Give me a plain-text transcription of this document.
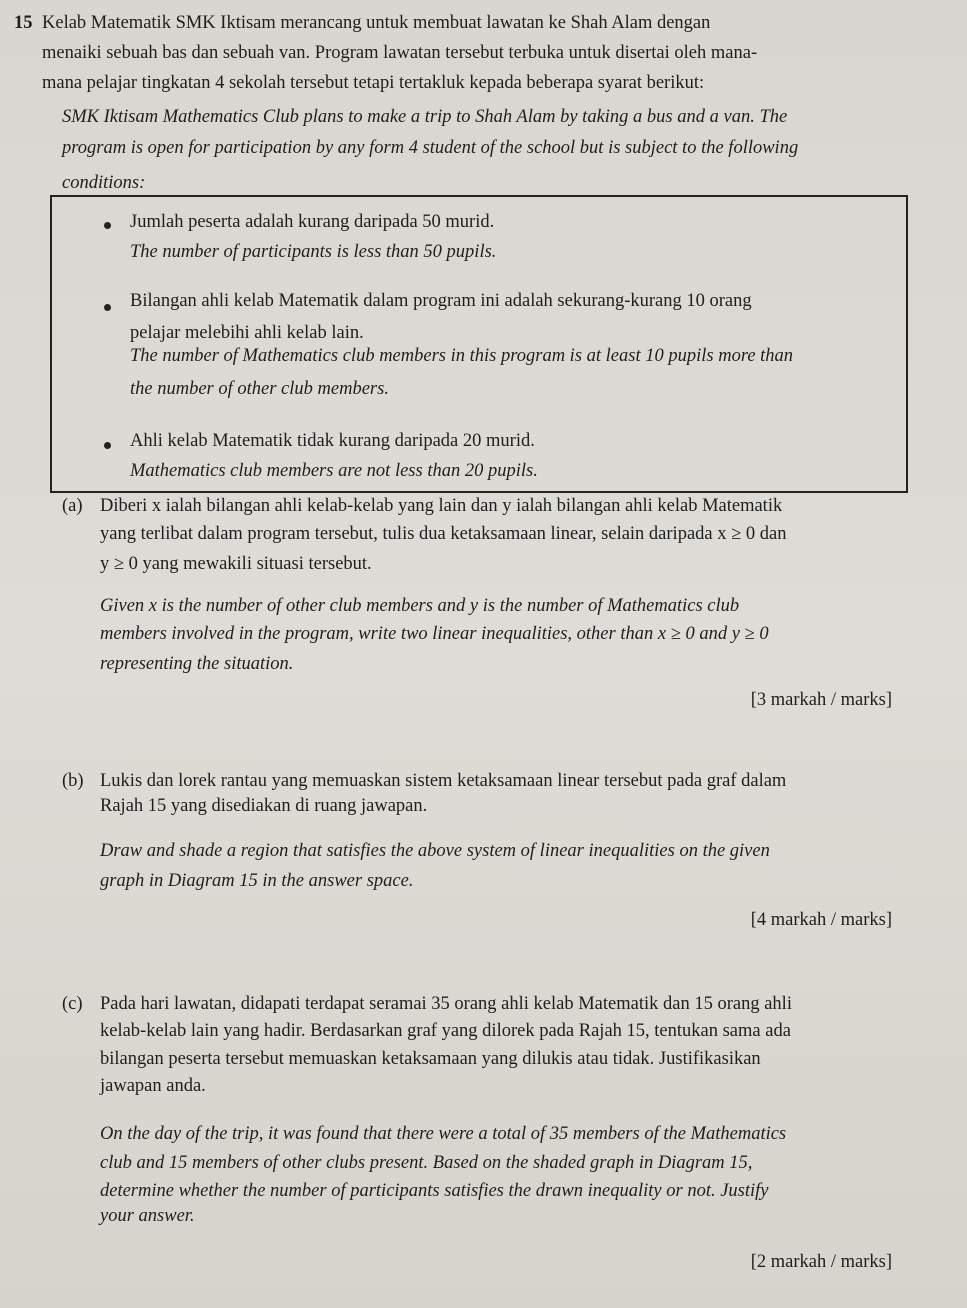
15 Kelab Matematik SMK Iktisam merancang untuk membuat lawatan ke Shah Alam dengan
menaiki sebuah bas dan sebuah van. Program lawatan tersebut terbuka untuk disertai oleh mana-
mana pelajar tingkatan 4 sekolah tersebut tetapi tertakluk kepada beberapa syarat berikut:
SMK Iktisam Mathematics Club plans to make a trip to Shah Alam by taking a bus and a van. The
program is open for participation by any form 4 student of the school but is subject to the following
conditions:
Jumlah peserta adalah kurang daripada 50 murid.
The number of participants is less than 50 pupils.
Bilangan ahli kelab Matematik dalam program ini adalah sekurang-kurang 10 orang
pelajar melebihi ahli kelab lain.
The number of Mathematics club members in this program is at least 10 pupils more than
the number of other club members.
Ahli kelab Matematik tidak kurang daripada 20 murid.
Mathematics club members are not less than 20 pupils.
(a) Diberi x ialah bilangan ahli kelab-kelab yang lain dan y ialah bilangan ahli kelab Matematik
yang terlibat dalam program tersebut, tulis dua ketaksamaan linear, selain daripada x ≥ 0 dan
y ≥ 0 yang mewakili situasi tersebut.
Given x is the number of other club members and y is the number of Mathematics club
members involved in the program, write two linear inequalities, other than x ≥ 0 and y ≥ 0
representing the situation.
[3 markah / marks]
(b) Lukis dan lorek rantau yang memuaskan sistem ketaksamaan linear tersebut pada graf dalam
Rajah 15 yang disediakan di ruang jawapan.
Draw and shade a region that satisfies the above system of linear inequalities on the given
graph in Diagram 15 in the answer space.
[4 markah / marks]
(c) Pada hari lawatan, didapati terdapat seramai 35 orang ahli kelab Matematik dan 15 orang ahli
kelab-kelab lain yang hadir. Berdasarkan graf yang dilorek pada Rajah 15, tentukan sama ada
bilangan peserta tersebut memuaskan ketaksamaan yang dilukis atau tidak. Justifikasikan
jawapan anda.
On the day of the trip, it was found that there were a total of 35 members of the Mathematics
club and 15 members of other clubs present. Based on the shaded graph in Diagram 15,
determine whether the number of participants satisfies the drawn inequality or not. Justify
your answer.
[2 markah / marks]
